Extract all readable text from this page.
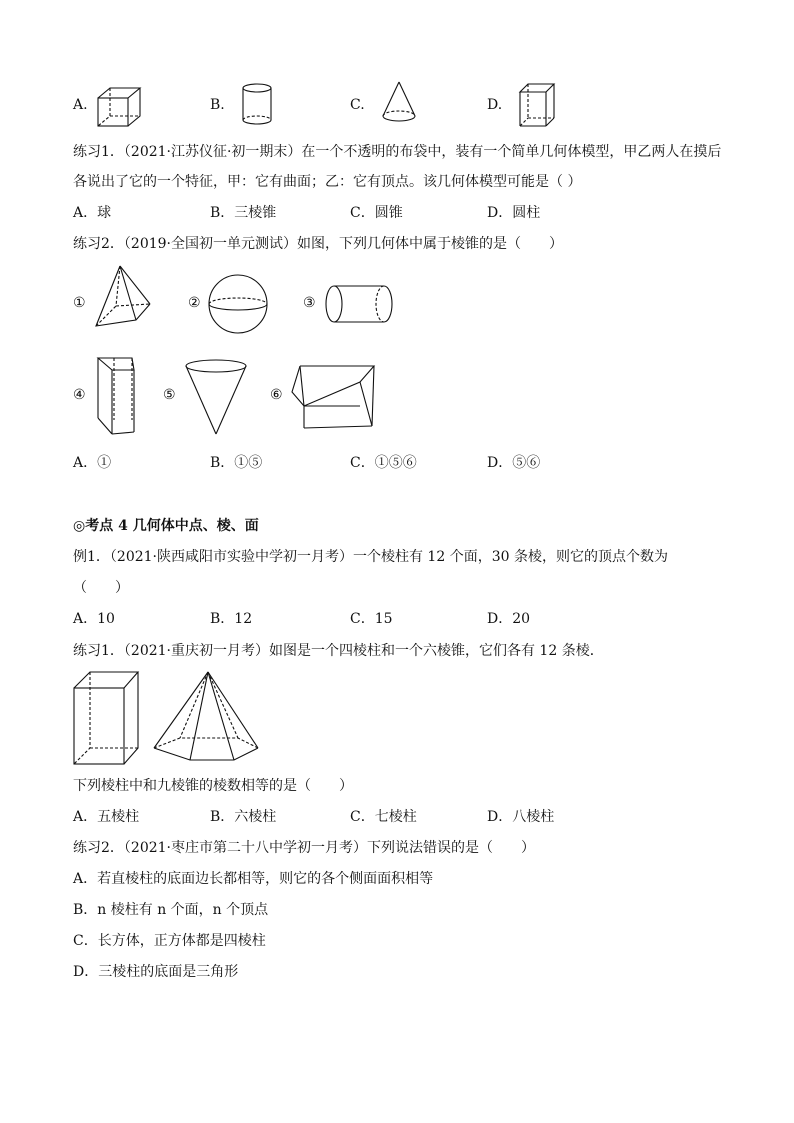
A.	B.	C.	D.
练习1．（2021·江苏仪征·初一期末）在一个不透明的布袋中，装有一个简单几何体模型，甲乙两人在摸后
各说出了它的一个特征，甲：它有曲面；乙：它有顶点。该几何体模型可能是（ ）
A．球	B．三棱锥	C．圆锥	D．圆柱
练习2．（2019·全国初一单元测试）如图，下列几何体中属于棱锥的是（　　）
①	②	③
④	⑤	⑥
A．①	B．①⑤	C．①⑤⑥	D．⑤⑥
◎考点 4 几何体中点、棱、面
例1．（2021·陕西咸阳市实验中学初一月考）一个棱柱有 12 个面，30 条棱，则它的顶点个数为
（　　）
A．10	B．12	C．15	D．20
练习1．（2021·重庆初一月考）如图是一个四棱柱和一个六棱锥，它们各有 12 条棱．
下列棱柱中和九棱锥的棱数相等的是（　　）
A．五棱柱	B．六棱柱	C．七棱柱	D．八棱柱
练习2．（2021·枣庄市第二十八中学初一月考）下列说法错误的是（　　）
A．若直棱柱的底面边长都相等，则它的各个侧面面积相等
B．n 棱柱有 n 个面，n 个顶点
C．长方体，正方体都是四棱柱
D．三棱柱的底面是三角形
